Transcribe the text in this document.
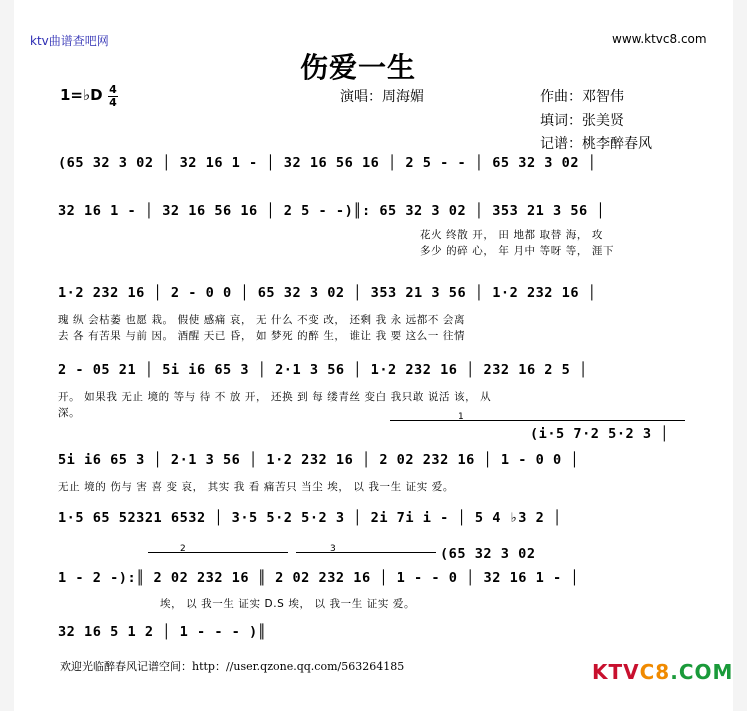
ktv曲谱查吧网	www.ktvc8.com
伤爱一生
1=♭D 4
4	演唱：周海媚	作曲：邓智伟
填词：张美贤
记谱：桃李醉春风
(65 32 3 02 │ 32 16 1 - │ 32 16 56 16 │ 2 5 - - │ 65 32 3 02 │
32 16 1 - │ 32 16 56 16 │ 2 5 - -)║: 65 32 3 02 │ 353 21 3 56 │
花火 终散 开， 田 地都 取替 海， 攻
多少 的碎 心， 年 月中 等呀 等， 涯下
1·2 232 16 │ 2 - 0 0 │ 65 32 3 02 │ 353 21 3 56 │ 1·2 232 16 │
瑰 纵 会枯萎 也愿 栽。 假使 感痛 哀， 无 什么 不变 改， 还剩 我 永 远都不 会离
去 各 有苦果 与前 因。 酒醒 天已 昏， 如 梦死 的醉 生， 谁让 我 要 这么一 往情
2 - 05 21 │ 5i i6 65 3 │ 2·1 3 56 │ 1·2 232 16 │ 232 16 2 5 │
开。 如果我 无止 境的 等与 待 不 放 开， 还换 到 每 缕青丝 变白 我只敢 说活 该， 从
深。	1
(i·5 7·2 5·2 3 │
5i i6 65 3 │ 2·1 3 56 │ 1·2 232 16 │ 2 02 232 16 │ 1 - 0 0 │
无止 境的 伤与 害 喜 变 哀， 其实 我 看 痛苦只 当尘 埃， 以 我一生 证实 爱。
1·5 65 52321 6532 │ 3·5 5·2 5·2 3 │ 2i 7i i - │ 5 4 ♭3 2 │
2	3	(65 32 3 02
1 - 2 -):║ 2 02 232 16 ║ 2 02 232 16 │ 1 - - 0 │ 32 16 1 - │
埃， 以 我一生 证实 D.S 埃， 以 我一生 证实 爱。
32 16 5 1 2 │ 1 - - - )║
欢迎光临醉春风记谱空间：http：//user.qzone.qq.com/563264185	KTVC8.COM
